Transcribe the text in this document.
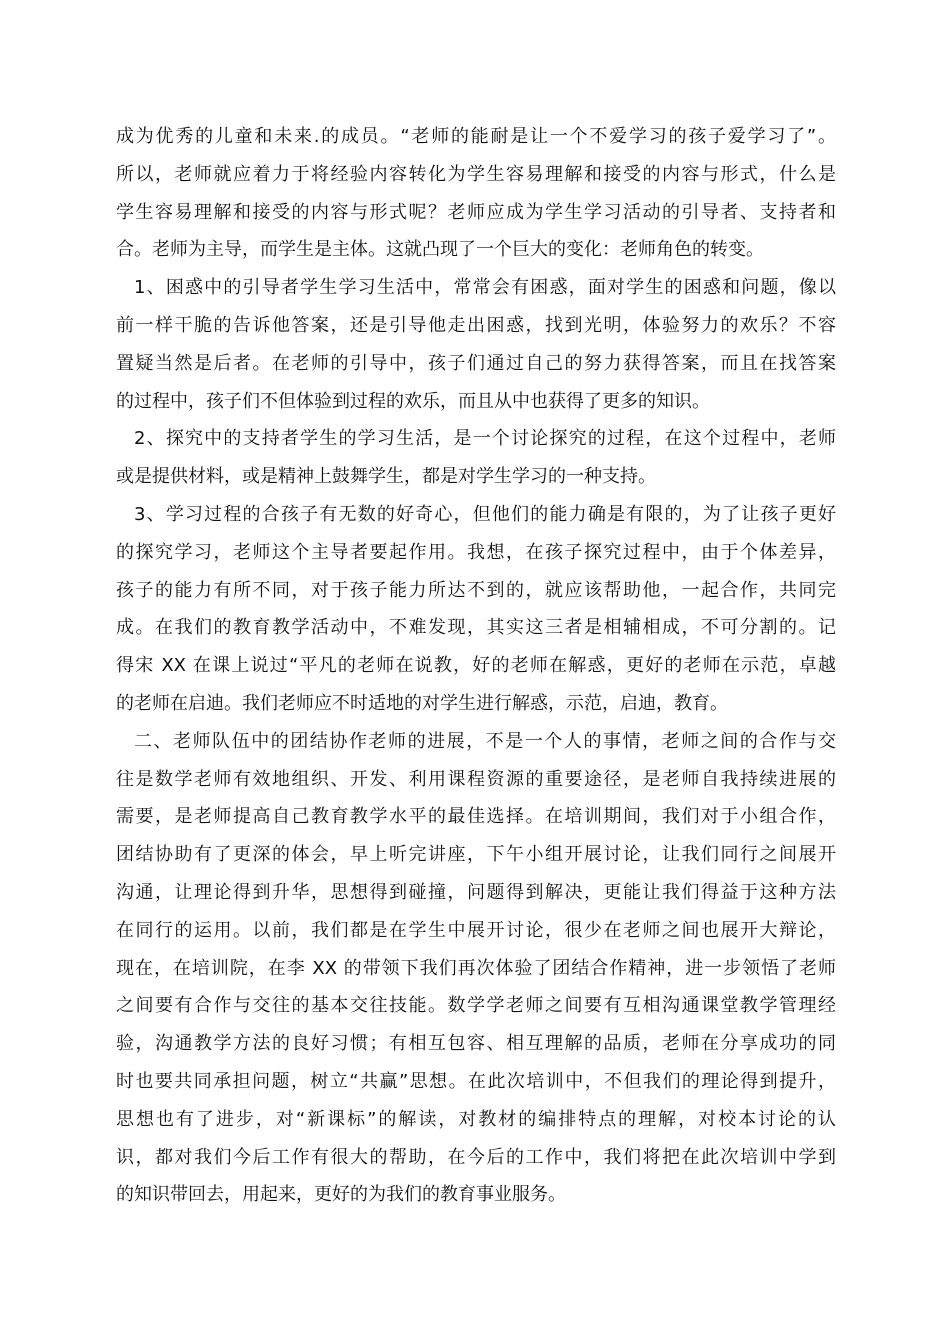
成为优秀的儿童和未来.的成员。“老师的能耐是让一个不爱学习的孩子爱学习了”。
所以，老师就应着力于将经验内容转化为学生容易理解和接受的内容与形式，什么是
学生容易理解和接受的内容与形式呢？老师应成为学生学习活动的引导者、支持者和
合。老师为主导，而学生是主体。这就凸现了一个巨大的变化：老师角色的转变。
1、困惑中的引导者学生学习生活中，常常会有困惑，面对学生的困惑和问题，像以
前一样干脆的告诉他答案，还是引导他走出困惑，找到光明，体验努力的欢乐？不容
置疑当然是后者。在老师的引导中，孩子们通过自己的努力获得答案，而且在找答案
的过程中，孩子们不但体验到过程的欢乐，而且从中也获得了更多的知识。
2、探究中的支持者学生的学习生活，是一个讨论探究的过程，在这个过程中，老师
或是提供材料，或是精神上鼓舞学生，都是对学生学习的一种支持。
3、学习过程的合孩子有无数的好奇心，但他们的能力确是有限的，为了让孩子更好
的探究学习，老师这个主导者要起作用。我想，在孩子探究过程中，由于个体差异，
孩子的能力有所不同，对于孩子能力所达不到的，就应该帮助他，一起合作，共同完
成。在我们的教育教学活动中，不难发现，其实这三者是相辅相成，不可分割的。记
得宋 XX 在课上说过“平凡的老师在说教，好的老师在解惑，更好的老师在示范，卓越
的老师在启迪。我们老师应不时适地的对学生进行解惑，示范，启迪，教育。
二、老师队伍中的团结协作老师的进展，不是一个人的事情，老师之间的合作与交
往是数学老师有效地组织、开发、利用课程资源的重要途径，是老师自我持续进展的
需要，是老师提高自己教育教学水平的最佳选择。在培训期间，我们对于小组合作，
团结协助有了更深的体会，早上听完讲座，下午小组开展讨论，让我们同行之间展开
沟通，让理论得到升华，思想得到碰撞，问题得到解决，更能让我们得益于这种方法
在同行的运用。以前，我们都是在学生中展开讨论，很少在老师之间也展开大辩论，
现在，在培训院，在李 XX 的带领下我们再次体验了团结合作精神，进一步领悟了老师
之间要有合作与交往的基本交往技能。数学学老师之间要有互相沟通课堂教学管理经
验，沟通教学方法的良好习惯；有相互包容、相互理解的品质，老师在分享成功的同
时也要共同承担问题，树立“共赢”思想。在此次培训中，不但我们的理论得到提升，
思想也有了进步，对“新课标”的解读，对教材的编排特点的理解，对校本讨论的认
识，都对我们今后工作有很大的帮助，在今后的工作中，我们将把在此次培训中学到
的知识带回去，用起来，更好的为我们的教育事业服务。
